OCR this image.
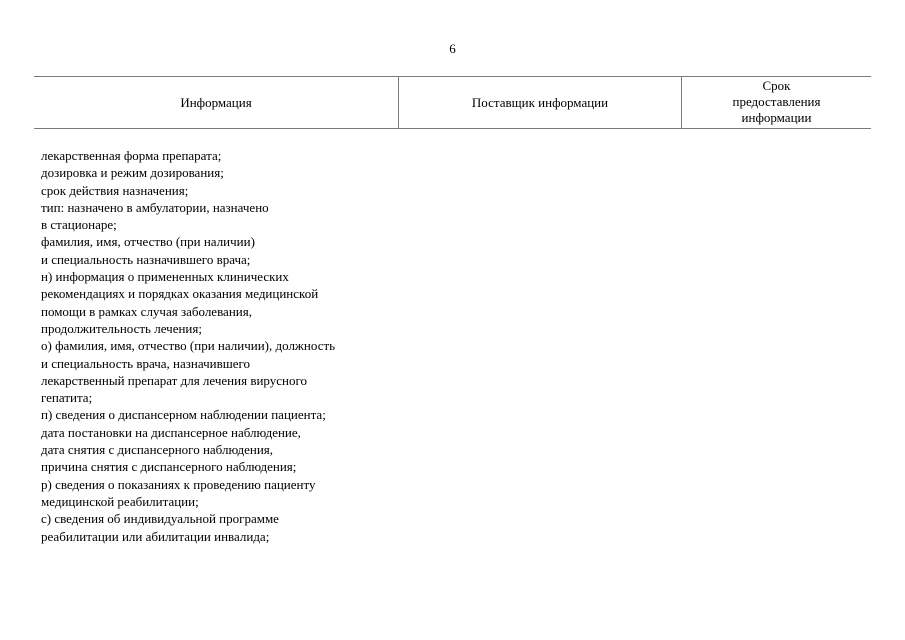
6
Информация	Поставщик информации
Срок
предоставления
информации
лекарственная форма препарата;
дозировка и режим дозирования;
срок действия назначения;
тип: назначено в амбулатории, назначено
в стационаре;
фамилия, имя, отчество (при наличии)
и специальность назначившего врача;
н) информация о примененных клинических
рекомендациях и порядках оказания медицинской
помощи в рамках случая заболевания,
продолжительность лечения;
о) фамилия, имя, отчество (при наличии), должность
и специальность врача, назначившего
лекарственный препарат для лечения вирусного
гепатита;
п) сведения о диспансерном наблюдении пациента;
дата постановки на диспансерное наблюдение,
дата снятия с диспансерного наблюдения,
причина снятия с диспансерного наблюдения;
р) сведения о показаниях к проведению пациенту
медицинской реабилитации;
с) сведения об индивидуальной программе
реабилитации или абилитации инвалида;
